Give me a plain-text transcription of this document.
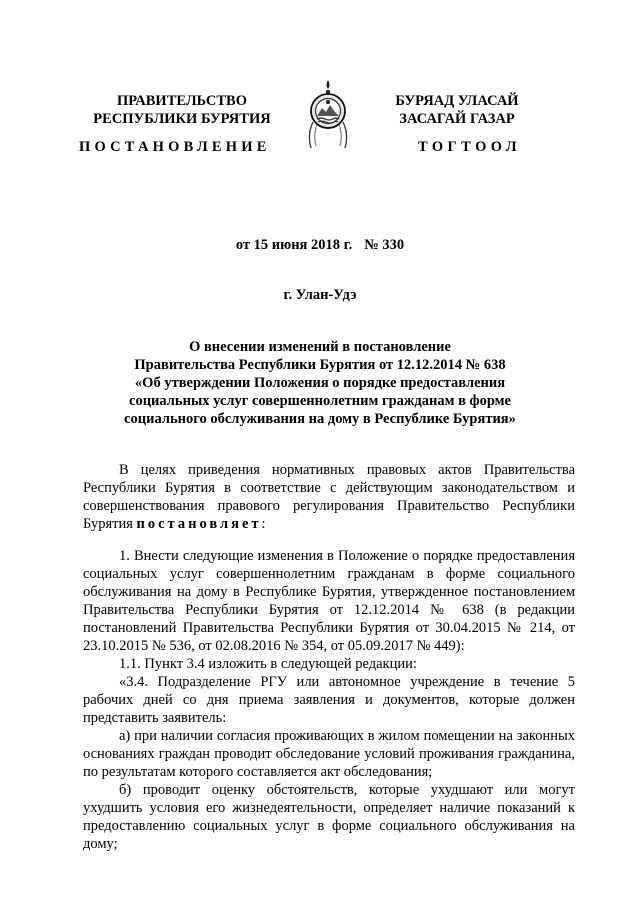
ПРАВИТЕЛЬСТВО
РЕСПУБЛИКИ БУРЯТИЯ
БУРЯАД УЛАСАЙ
ЗАСАГАЙ ГАЗАР
ПОСТАНОВЛЕНИЕ	ТОГТООЛ
от 15 июня 2018 г. № 330
г. Улан-Удэ
О внесении изменений в постановление
Правительства Республики Бурятия от 12.12.2014 № 638
«Об утверждении Положения о порядке предоставления
социальных услуг совершеннолетним гражданам в форме
социального обслуживания на дому в Республике Бурятия»

В целях приведения нормативных правовых актов Правительства Республики Бурятия в соответствие с действующим законодательством и совершенствования правового регулирования Правительство Республики Бурятия постановляет:

1. Внести следующие изменения в Положение о порядке предоставления социальных услуг совершеннолетним гражданам в форме социального обслуживания на дому в Республике Бурятия, утвержденное постановлением Правительства Республики Бурятия от 12.12.2014 № 638 (в редакции постановлений Правительства Республики Бурятия от 30.04.2015 № 214, от 23.10.2015 № 536, от 02.08.2016 № 354, от 05.09.2017 № 449):

1.1. Пункт 3.4 изложить в следующей редакции:

«3.4. Подразделение РГУ или автономное учреждение в течение 5 рабочих дней со дня приема заявления и документов, которые должен представить заявитель:

а) при наличии согласия проживающих в жилом помещении на законных основаниях граждан проводит обследование условий проживания гражданина, по результатам которого составляется акт обследования;

б) проводит оценку обстоятельств, которые ухудшают или могут ухудшить условия его жизнедеятельности, определяет наличие показаний к предоставлению социальных услуг в форме социального обслуживания на дому;
